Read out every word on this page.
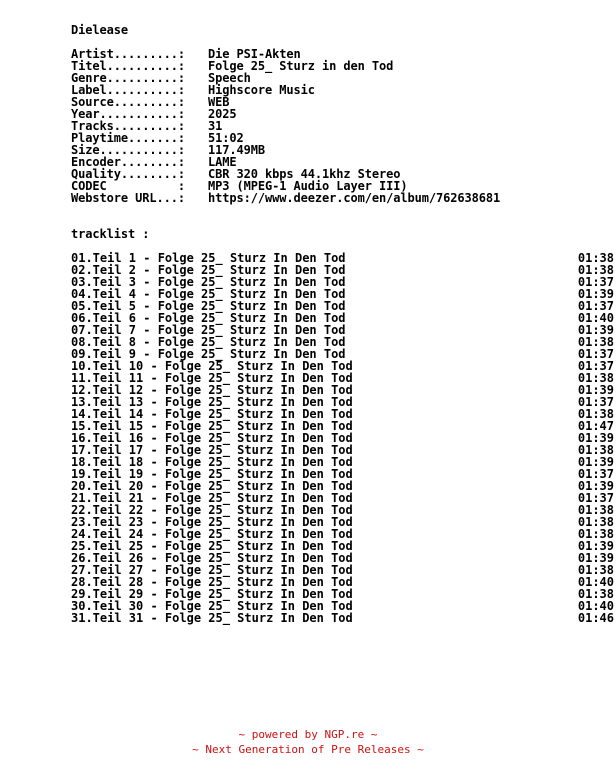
Dielease
Artist.........:	Die PSI-Akten
Titel..........:	Folge 25_ Sturz in den Tod
Genre..........:	Speech
Label..........:	Highscore Music
Source.........:	WEB
Year...........:	2025
Tracks.........:	31
Playtime.......:	51:02
Size...........:	117.49MB
Encoder........:	LAME
Quality........:	CBR 320 kbps 44.1khz Stereo
CODEC          :	MP3 (MPEG-1 Audio Layer III)
Webstore URL...:	https://www.deezer.com/en/album/762638681
tracklist :
01.Teil 1 - Folge 25_ Sturz In Den Tod	01:38
02.Teil 2 - Folge 25_ Sturz In Den Tod	01:38
03.Teil 3 - Folge 25_ Sturz In Den Tod	01:37
04.Teil 4 - Folge 25_ Sturz In Den Tod	01:39
05.Teil 5 - Folge 25_ Sturz In Den Tod	01:37
06.Teil 6 - Folge 25_ Sturz In Den Tod	01:40
07.Teil 7 - Folge 25_ Sturz In Den Tod	01:39
08.Teil 8 - Folge 25_ Sturz In Den Tod	01:38
09.Teil 9 - Folge 25_ Sturz In Den Tod	01:37
10.Teil 10 - Folge 25_ Sturz In Den Tod	01:37
11.Teil 11 - Folge 25_ Sturz In Den Tod	01:38
12.Teil 12 - Folge 25_ Sturz In Den Tod	01:39
13.Teil 13 - Folge 25_ Sturz In Den Tod	01:37
14.Teil 14 - Folge 25_ Sturz In Den Tod	01:38
15.Teil 15 - Folge 25_ Sturz In Den Tod	01:47
16.Teil 16 - Folge 25_ Sturz In Den Tod	01:39
17.Teil 17 - Folge 25_ Sturz In Den Tod	01:38
18.Teil 18 - Folge 25_ Sturz In Den Tod	01:39
19.Teil 19 - Folge 25_ Sturz In Den Tod	01:37
20.Teil 20 - Folge 25_ Sturz In Den Tod	01:39
21.Teil 21 - Folge 25_ Sturz In Den Tod	01:37
22.Teil 22 - Folge 25_ Sturz In Den Tod	01:38
23.Teil 23 - Folge 25_ Sturz In Den Tod	01:38
24.Teil 24 - Folge 25_ Sturz In Den Tod	01:38
25.Teil 25 - Folge 25_ Sturz In Den Tod	01:39
26.Teil 26 - Folge 25_ Sturz In Den Tod	01:39
27.Teil 27 - Folge 25_ Sturz In Den Tod	01:38
28.Teil 28 - Folge 25_ Sturz In Den Tod	01:40
29.Teil 29 - Folge 25_ Sturz In Den Tod	01:38
30.Teil 30 - Folge 25_ Sturz In Den Tod	01:40
31.Teil 31 - Folge 25_ Sturz In Den Tod	01:46
~ powered by NGP.re ~
~ Next Generation of Pre Releases ~
